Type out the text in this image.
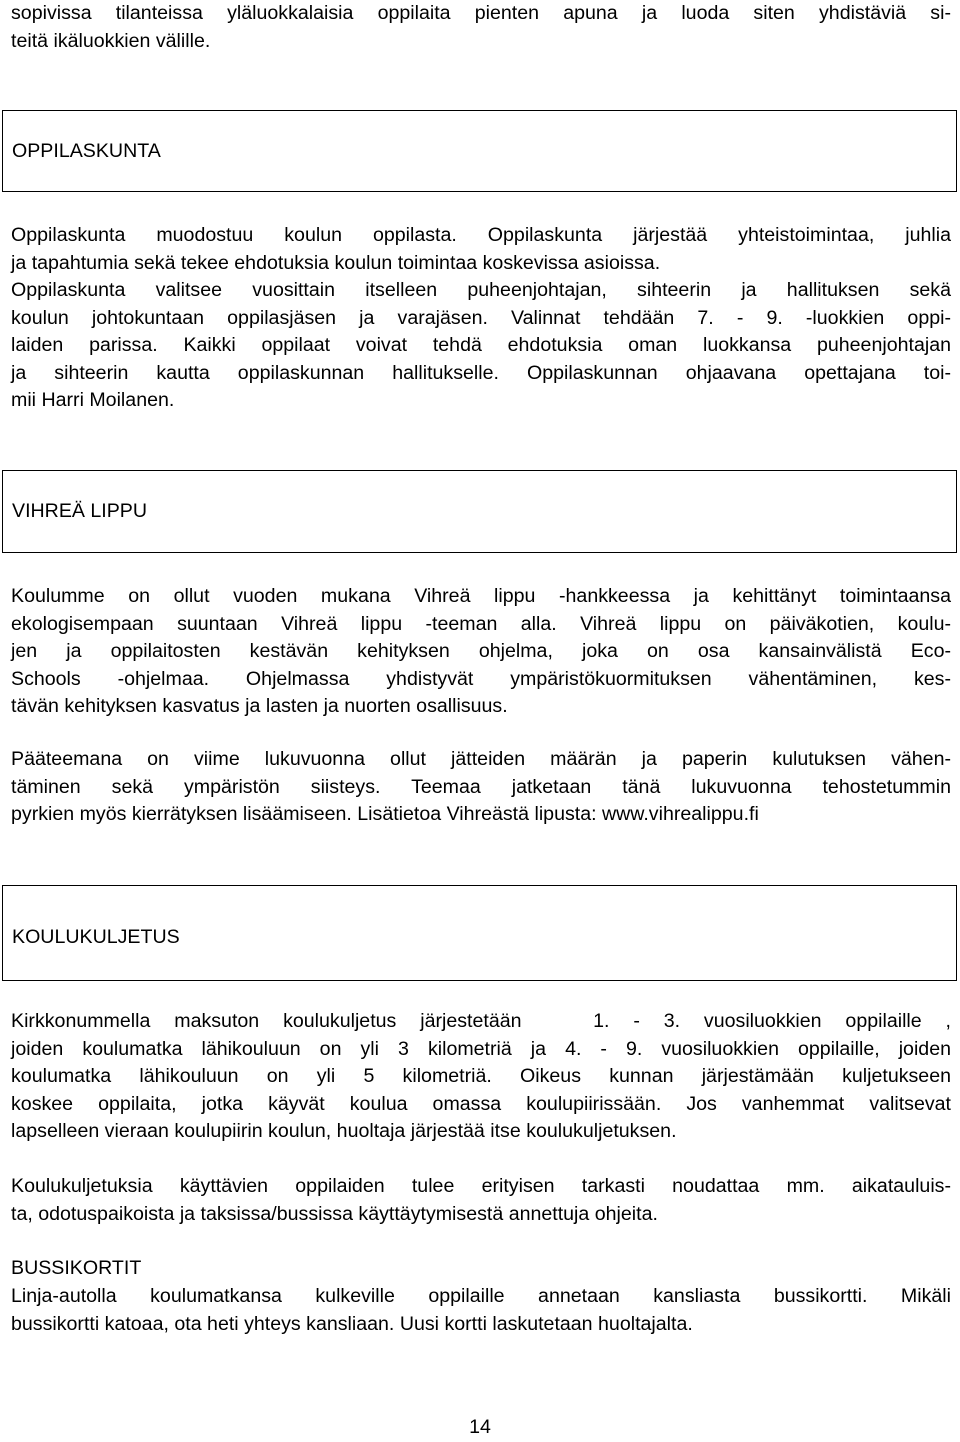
sopivissa tilanteissa yläluokkalaisia oppilaita pienten apuna ja luoda siten yhdistäviä si-
teitä ikäluokkien välille.
OPPILASKUNTA
Oppilaskunta muodostuu koulun oppilasta. Oppilaskunta järjestää yhteistoimintaa, juhlia
ja tapahtumia sekä tekee ehdotuksia koulun toimintaa koskevissa asioissa.
Oppilaskunta valitsee vuosittain itselleen puheenjohtajan, sihteerin ja hallituksen sekä
koulun johtokuntaan oppilasjäsen ja varajäsen. Valinnat tehdään 7. - 9. -luokkien oppi-
laiden parissa. Kaikki oppilaat voivat tehdä ehdotuksia oman luokkansa puheenjohtajan
ja sihteerin kautta oppilaskunnan hallitukselle. Oppilaskunnan ohjaavana opettajana toi-
mii Harri Moilanen.
VIHREÄ LIPPU
Koulumme on ollut vuoden mukana Vihreä lippu -hankkeessa ja kehittänyt toimintaansa
ekologisempaan suuntaan Vihreä lippu -teeman alla. Vihreä lippu on päiväkotien, koulu-
jen ja oppilaitosten kestävän kehityksen ohjelma, joka on osa kansainvälistä Eco-
Schools -ohjelmaa. Ohjelmassa yhdistyvät ympäristökuormituksen vähentäminen, kes-
tävän kehityksen kasvatus ja lasten ja nuorten osallisuus.
Pääteemana on viime lukuvuonna ollut jätteiden määrän ja paperin kulutuksen vähen-
täminen sekä ympäristön siisteys. Teemaa jatketaan tänä lukuvuonna tehostetummin
pyrkien myös kierrätyksen lisäämiseen. Lisätietoa Vihreästä lipusta: www.vihrealippu.fi
KOULUKULJETUS
Kirkkonummella maksuton koulukuljetus järjestetään   1. - 3. vuosiluokkien oppilaille ,
joiden koulumatka lähikouluun on yli 3 kilometriä ja 4. - 9. vuosiluokkien oppilaille, joiden
koulumatka lähikouluun on yli 5 kilometriä. Oikeus kunnan järjestämään kuljetukseen
koskee oppilaita, jotka käyvät koulua omassa koulupiirissään. Jos vanhemmat valitsevat
lapselleen vieraan koulupiirin koulun, huoltaja järjestää itse koulukuljetuksen.
Koulukuljetuksia käyttävien oppilaiden tulee erityisen tarkasti noudattaa mm. aikatauluis-
ta, odotuspaikoista ja taksissa/bussissa käyttäytymisestä annettuja ohjeita.
BUSSIKORTIT
Linja-autolla koulumatkansa kulkeville oppilaille annetaan kansliasta bussikortti. Mikäli
bussikortti katoaa, ota heti yhteys kansliaan. Uusi kortti laskutetaan huoltajalta.
14
